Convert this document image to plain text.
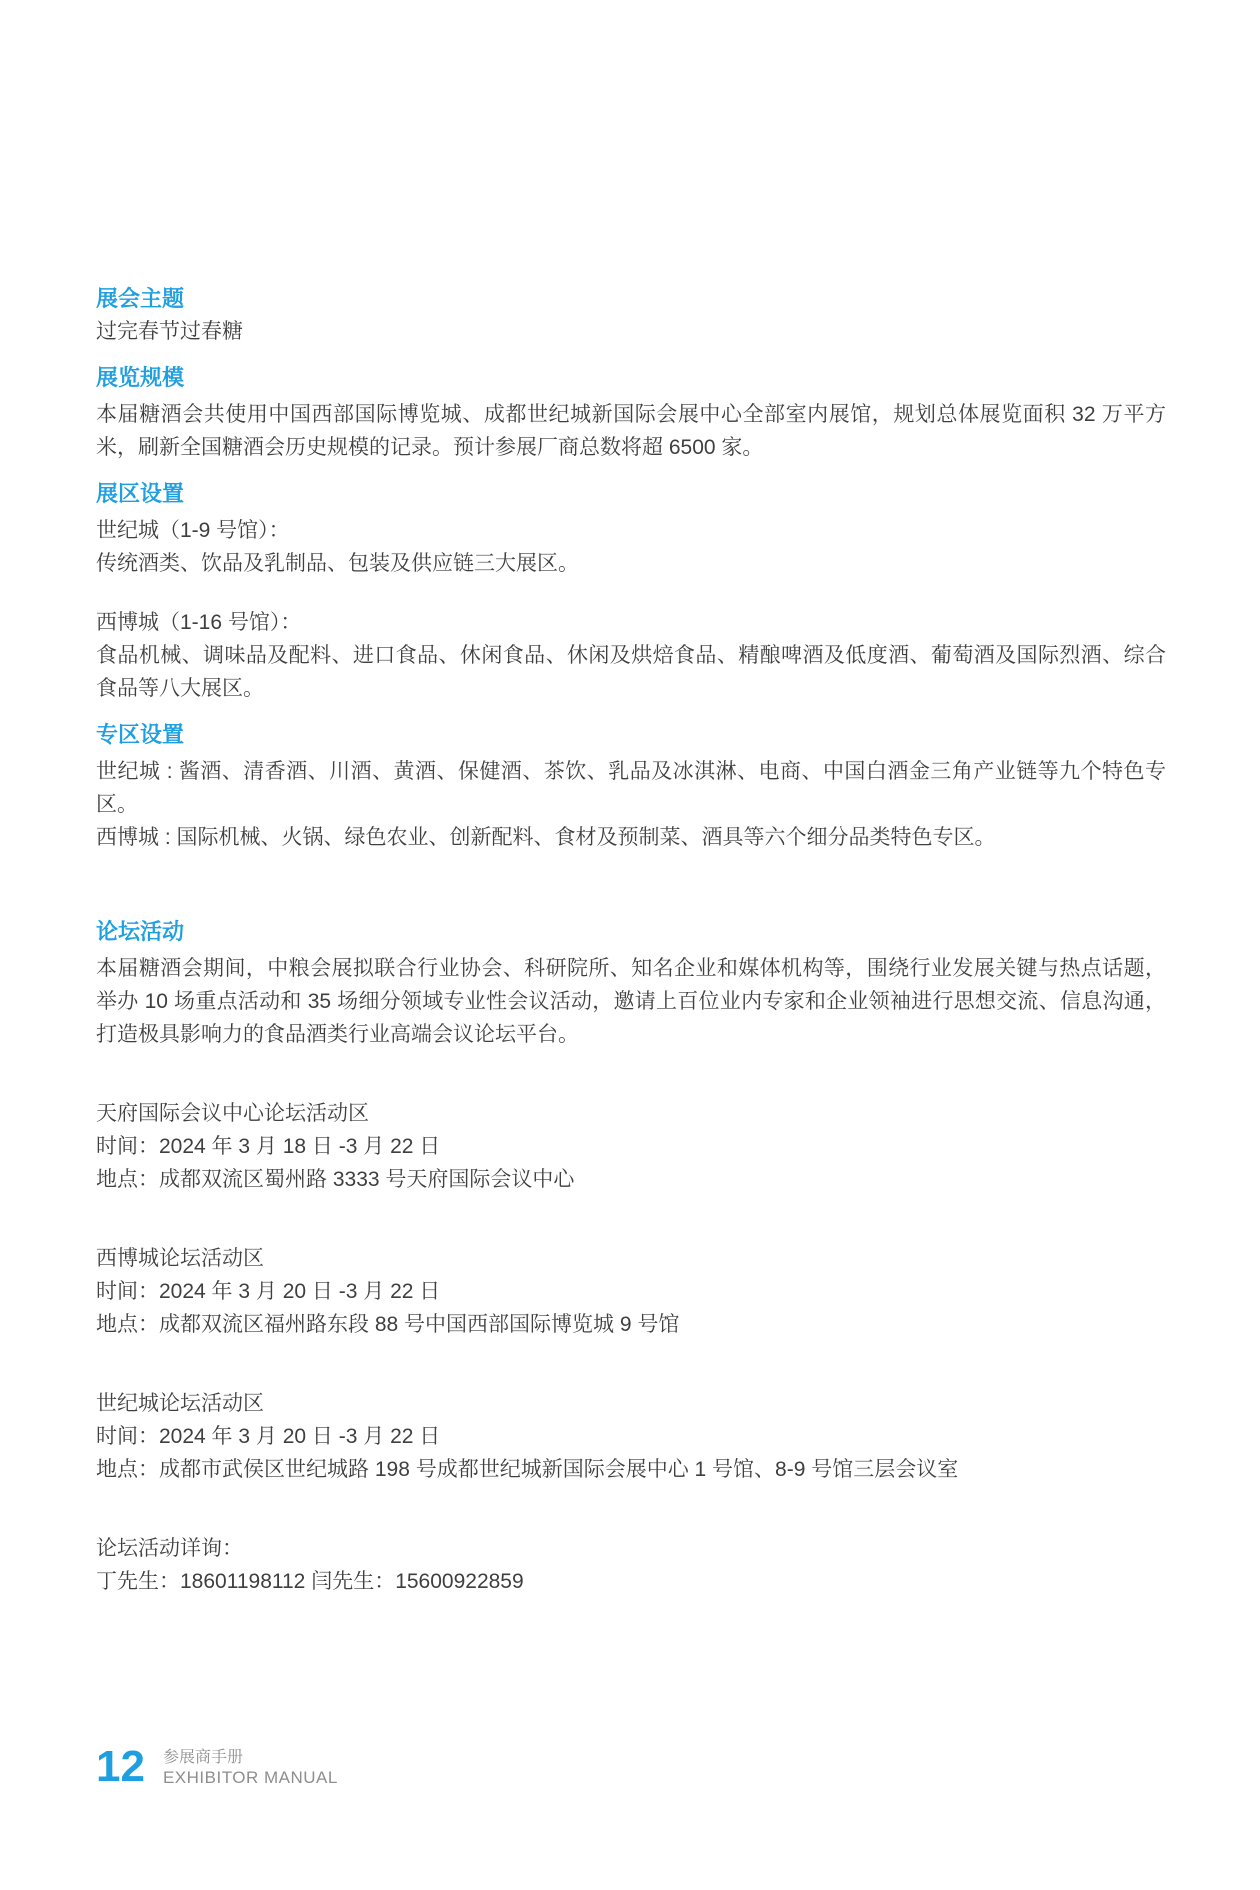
展会主题

过完春节过春糖

展览规模

本届糖酒会共使用中国西部国际博览城、成都世纪城新国际会展中心全部室内展馆，规划总体展览面积 32 万平方米，刷新全国糖酒会历史规模的记录。预计参展厂商总数将超 6500 家。

展区设置

世纪城（1-9 号馆）：

传统酒类、饮品及乳制品、包装及供应链三大展区。

西博城（1-16 号馆）：

食品机械、调味品及配料、进口食品、休闲食品、休闲及烘焙食品、精酿啤酒及低度酒、葡萄酒及国际烈酒、综合食品等八大展区。

专区设置

世纪城 : 酱酒、清香酒、川酒、黄酒、保健酒、茶饮、乳品及冰淇淋、电商、中国白酒金三角产业链等九个特色专区。

西博城 : 国际机械、火锅、绿色农业、创新配料、食材及预制菜、酒具等六个细分品类特色专区。

论坛活动

本届糖酒会期间，中粮会展拟联合行业协会、科研院所、知名企业和媒体机构等，围绕行业发展关键与热点话题，举办 10 场重点活动和 35 场细分领域专业性会议活动，邀请上百位业内专家和企业领袖进行思想交流、信息沟通，打造极具影响力的食品酒类行业高端会议论坛平台。

天府国际会议中心论坛活动区

时间：2024 年 3 月 18 日 -3 月 22 日

地点：成都双流区蜀州路 3333 号天府国际会议中心

西博城论坛活动区

时间：2024 年 3 月 20 日 -3 月 22 日

地点：成都双流区福州路东段 88 号中国西部国际博览城 9 号馆

世纪城论坛活动区

时间：2024 年 3 月 20 日 -3 月 22 日

地点：成都市武侯区世纪城路 198 号成都世纪城新国际会展中心 1 号馆、8-9 号馆三层会议室

论坛活动详询：

丁先生：18601198112 闫先生：15600922859

12 参展商手册
EXHIBITOR MANUAL
